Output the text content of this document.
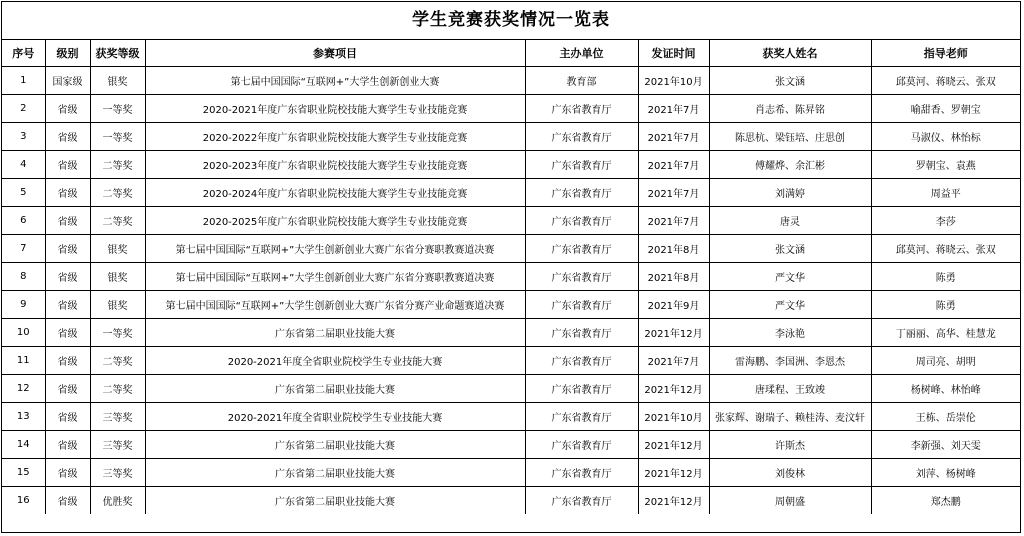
学生竞赛获奖情况一览表
序号	级别	获奖等级	参赛项目	主办单位	发证时间	获奖人姓名	指导老师
1	国家级	银奖	第七届中国国际“互联网+”大学生创新创业大赛	教育部	2021年10月	张文涵	邱莫河、蒋晓云、张双
2	省级	一等奖	2020-2021年度广东省职业院校技能大赛学生专业技能竞赛	广东省教育厅	2021年7月	肖志希、陈昇铭	喻甜香、罗朝宝
3	省级	一等奖	2020-2022年度广东省职业院校技能大赛学生专业技能竞赛	广东省教育厅	2021年7月	陈思杭、梁钰培、庄思创	马淑仪、林怡标
4	省级	二等奖	2020-2023年度广东省职业院校技能大赛学生专业技能竞赛	广东省教育厅	2021年7月	傅耀烨、余汇彬	罗朝宝、袁燕
5	省级	二等奖	2020-2024年度广东省职业院校技能大赛学生专业技能竞赛	广东省教育厅	2021年7月	刘满婷	周益平
6	省级	二等奖	2020-2025年度广东省职业院校技能大赛学生专业技能竞赛	广东省教育厅	2021年7月	唐灵	李莎
7	省级	银奖	第七届中国国际“互联网+”大学生创新创业大赛广东省分赛职教赛道决赛	广东省教育厅	2021年8月	张文涵	邱莫河、蒋晓云、张双
8	省级	银奖	第七届中国国际“互联网+”大学生创新创业大赛广东省分赛职教赛道决赛	广东省教育厅	2021年8月	严文华	陈勇
9	省级	银奖	第七届中国国际“互联网+”大学生创新创业大赛广东省分赛产业命题赛道决赛	广东省教育厅	2021年9月	严文华	陈勇
10	省级	一等奖	广东省第二届职业技能大赛	广东省教育厅	2021年12月	李泳艳	丁丽丽、高华、桂慧龙
11	省级	二等奖	2020-2021年度全省职业院校学生专业技能大赛	广东省教育厅	2021年7月	雷海鹏、李国洲、李恩杰	周司亮、胡明
12	省级	二等奖	广东省第二届职业技能大赛	广东省教育厅	2021年12月	唐瑈程、王致竣	杨树峰、林怡峰
13	省级	三等奖	2020-2021年度全省职业院校学生专业技能大赛	广东省教育厅	2021年10月	张家辉、谢瑞子、赖桂涛、麦汶轩	王栋、岳崇伦
14	省级	三等奖	广东省第二届职业技能大赛	广东省教育厅	2021年12月	许斯杰	李新强、刘天雯
15	省级	三等奖	广东省第二届职业技能大赛	广东省教育厅	2021年12月	刘俊林	刘萍、杨树峰
16	省级	优胜奖	广东省第二届职业技能大赛	广东省教育厅	2021年12月	周朝盛	郑杰鹏
